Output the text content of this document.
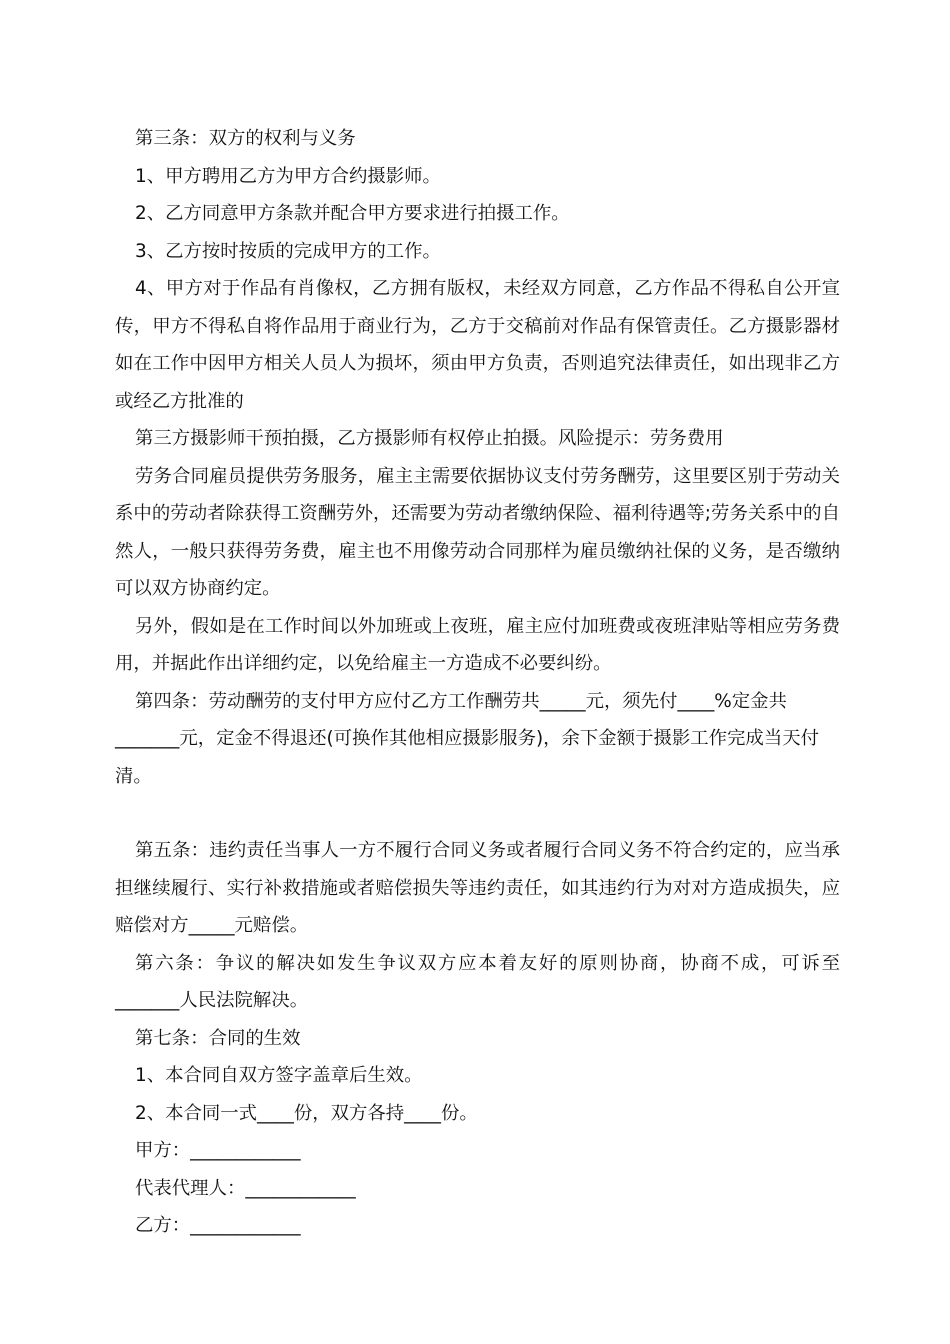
第三条：双方的权利与义务

1、甲方聘用乙方为甲方合约摄影师。

2、乙方同意甲方条款并配合甲方要求进行拍摄工作。

3、乙方按时按质的完成甲方的工作。

4、甲方对于作品有肖像权，乙方拥有版权，未经双方同意，乙方作品不得私自公开宣传，甲方不得私自将作品用于商业行为，乙方于交稿前对作品有保管责任。乙方摄影器材如在工作中因甲方相关人员人为损坏，须由甲方负责，否则追究法律责任，如出现非乙方或经乙方批准的

第三方摄影师干预拍摄，乙方摄影师有权停止拍摄。风险提示：劳务费用

劳务合同雇员提供劳务服务，雇主主需要依据协议支付劳务酬劳，这里要区别于劳动关系中的劳动者除获得工资酬劳外，还需要为劳动者缴纳保险、福利待遇等;劳务关系中的自然人，一般只获得劳务费，雇主也不用像劳动合同那样为雇员缴纳社保的义务，是否缴纳可以双方协商约定。

另外，假如是在工作时间以外加班或上夜班，雇主应付加班费或夜班津贴等相应劳务费用，并据此作出详细约定，以免给雇主一方造成不必要纠纷。

第四条：劳动酬劳的支付甲方应付乙方工作酬劳共_____元，须先付____%定金共_______元，定金不得退还(可换作其他相应摄影服务)，余下金额于摄影工作完成当天付清。

第五条：违约责任当事人一方不履行合同义务或者履行合同义务不符合约定的，应当承担继续履行、实行补救措施或者赔偿损失等违约责任，如其违约行为对对方造成损失，应赔偿对方_____元赔偿。

第六条：争议的解决如发生争议双方应本着友好的原则协商，协商不成，可诉至_______人民法院解决。

第七条：合同的生效

1、本合同自双方签字盖章后生效。

2、本合同一式____份，双方各持____份。

甲方：____________

代表代理人：____________

乙方：____________
